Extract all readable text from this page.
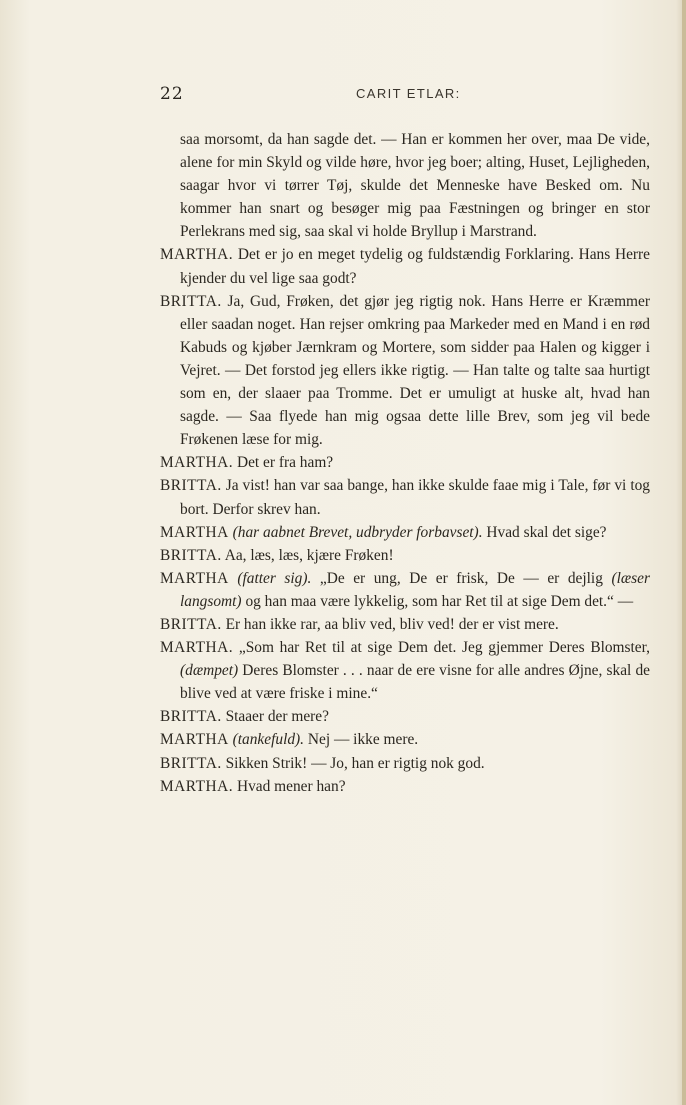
22	CARIT ETLAR:

saa morsomt, da han sagde det. — Han er kommen her over, maa De vide, alene for min Skyld og vilde høre, hvor jeg boer; alting, Huset, Lejligheden, saagar hvor vi tørrer Tøj, skulde det Menneske have Besked om. Nu kommer han snart og besøger mig paa Fæstningen og bringer en stor Perlekrans med sig, saa skal vi holde Bryllup i Marstrand.

MARTHA. Det er jo en meget tydelig og fuldstændig Forklaring. Hans Herre kjender du vel lige saa godt?

BRITTA. Ja, Gud, Frøken, det gjør jeg rigtig nok. Hans Herre er Kræmmer eller saadan noget. Han rejser omkring paa Markeder med en Mand i en rød Kabuds og kjøber Jærnkram og Mortere, som sidder paa Halen og kigger i Vejret. — Det forstod jeg ellers ikke rigtig. — Han talte og talte saa hurtigt som en, der slaaer paa Tromme. Det er umuligt at huske alt, hvad han sagde. — Saa flyede han mig ogsaa dette lille Brev, som jeg vil bede Frøkenen læse for mig.

MARTHA. Det er fra ham?

BRITTA. Ja vist! han var saa bange, han ikke skulde faae mig i Tale, før vi tog bort. Derfor skrev han.

MARTHA (har aabnet Brevet, udbryder forbavset). Hvad skal det sige?

BRITTA. Aa, læs, læs, kjære Frøken!

MARTHA (fatter sig). „De er ung, De er frisk, De — er dejlig (læser langsomt) og han maa være lykkelig, som har Ret til at sige Dem det.“ —

BRITTA. Er han ikke rar, aa bliv ved, bliv ved! der er vist mere.

MARTHA. „Som har Ret til at sige Dem det. Jeg gjemmer Deres Blomster, (dæmpet) Deres Blomster . . . naar de ere visne for alle andres Øjne, skal de blive ved at være friske i mine.“

BRITTA. Staaer der mere?

MARTHA (tankefuld). Nej — ikke mere.

BRITTA. Sikken Strik! — Jo, han er rigtig nok god.

MARTHA. Hvad mener han?
